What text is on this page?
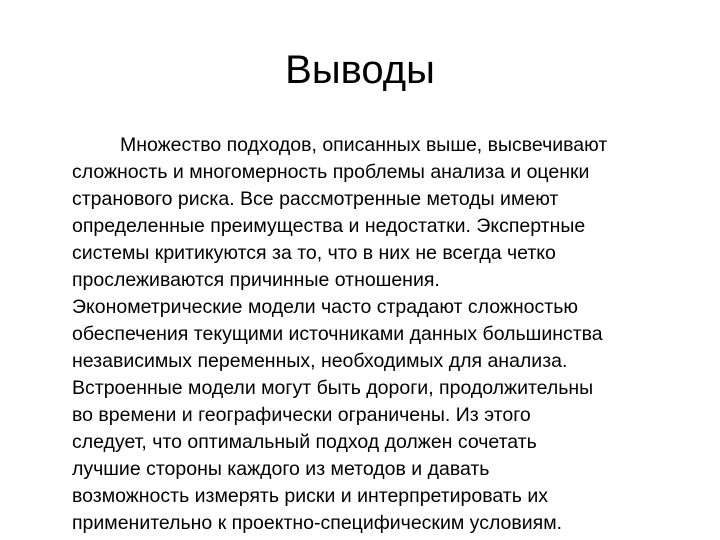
Выводы
Множество подходов, описанных выше, высвечивают
сложность и многомерность проблемы анализа и оценки
странового риска. Все рассмотренные методы имеют
определенные преимущества и недостатки. Экспертные
системы критикуются за то, что в них не всегда четко
прослеживаются причинные отношения.
Эконометрические модели часто страдают сложностью
обеспечения текущими источниками данных большинства
независимых переменных, необходимых для анализа.
Встроенные модели могут быть дороги, продолжительны
во времени и географически ограничены. Из этого
следует, что оптимальный подход должен сочетать
лучшие стороны каждого из методов и давать
возможность измерять риски и интерпретировать их
применительно к проектно-специфическим условиям.
